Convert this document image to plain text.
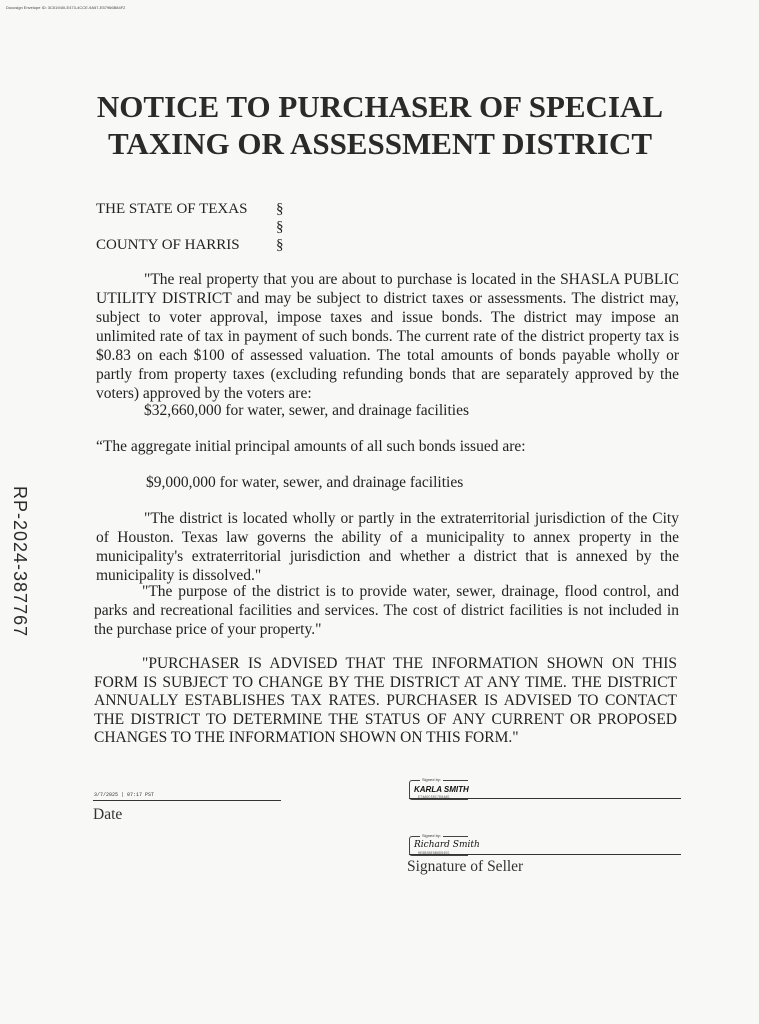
Docusign Envelope ID: 3C51940I-E473-4CCE-9A57-E57966B84F2
RP-2024-387767
NOTICE TO PURCHASER OF SPECIAL
TAXING OR ASSESSMENT DISTRICT
THE STATE OF TEXAS §
§
COUNTY OF HARRIS §
"The real property that you are about to purchase is located in the SHASLA PUBLIC UTILITY DISTRICT and may be subject to district taxes or assessments. The district may, subject to voter approval, impose taxes and issue bonds. The district may impose an unlimited rate of tax in payment of such bonds. The current rate of the district property tax is $0.83 on each $100 of assessed valuation. The total amounts of bonds payable wholly or partly from property taxes (excluding refunding bonds that are separately approved by the voters) approved by the voters are:
$32,660,000 for water, sewer, and drainage facilities
“The aggregate initial principal amounts of all such bonds issued are:
$9,000,000 for water, sewer, and drainage facilities
"The district is located wholly or partly in the extraterritorial jurisdiction of the City of Houston. Texas law governs the ability of a municipality to annex property in the municipality's extraterritorial jurisdiction and whether a district that is annexed by the municipality is dissolved."
"The purpose of the district is to provide water, sewer, drainage, flood control, and parks and recreational facilities and services. The cost of district facilities is not included in the purchase price of your property."
"PURCHASER IS ADVISED THAT THE INFORMATION SHOWN ON THIS FORM IS SUBJECT TO CHANGE BY THE DISTRICT AT ANY TIME. THE DISTRICT ANNUALLY ESTABLISHES TAX RATES. PURCHASER IS ADVISED TO CONTACT THE DISTRICT TO DETERMINE THE STATUS OF ANY CURRENT OR PROPOSED CHANGES TO THE INFORMATION SHOWN ON THIS FORM."
3/7/2025 | 07:17 PST
Date
Signed by:
KARLA SMITH
E74A0C50C7D84A5
Signed by:
Richard Smith
0E8B3BE8B6D8455
Signature of Seller
